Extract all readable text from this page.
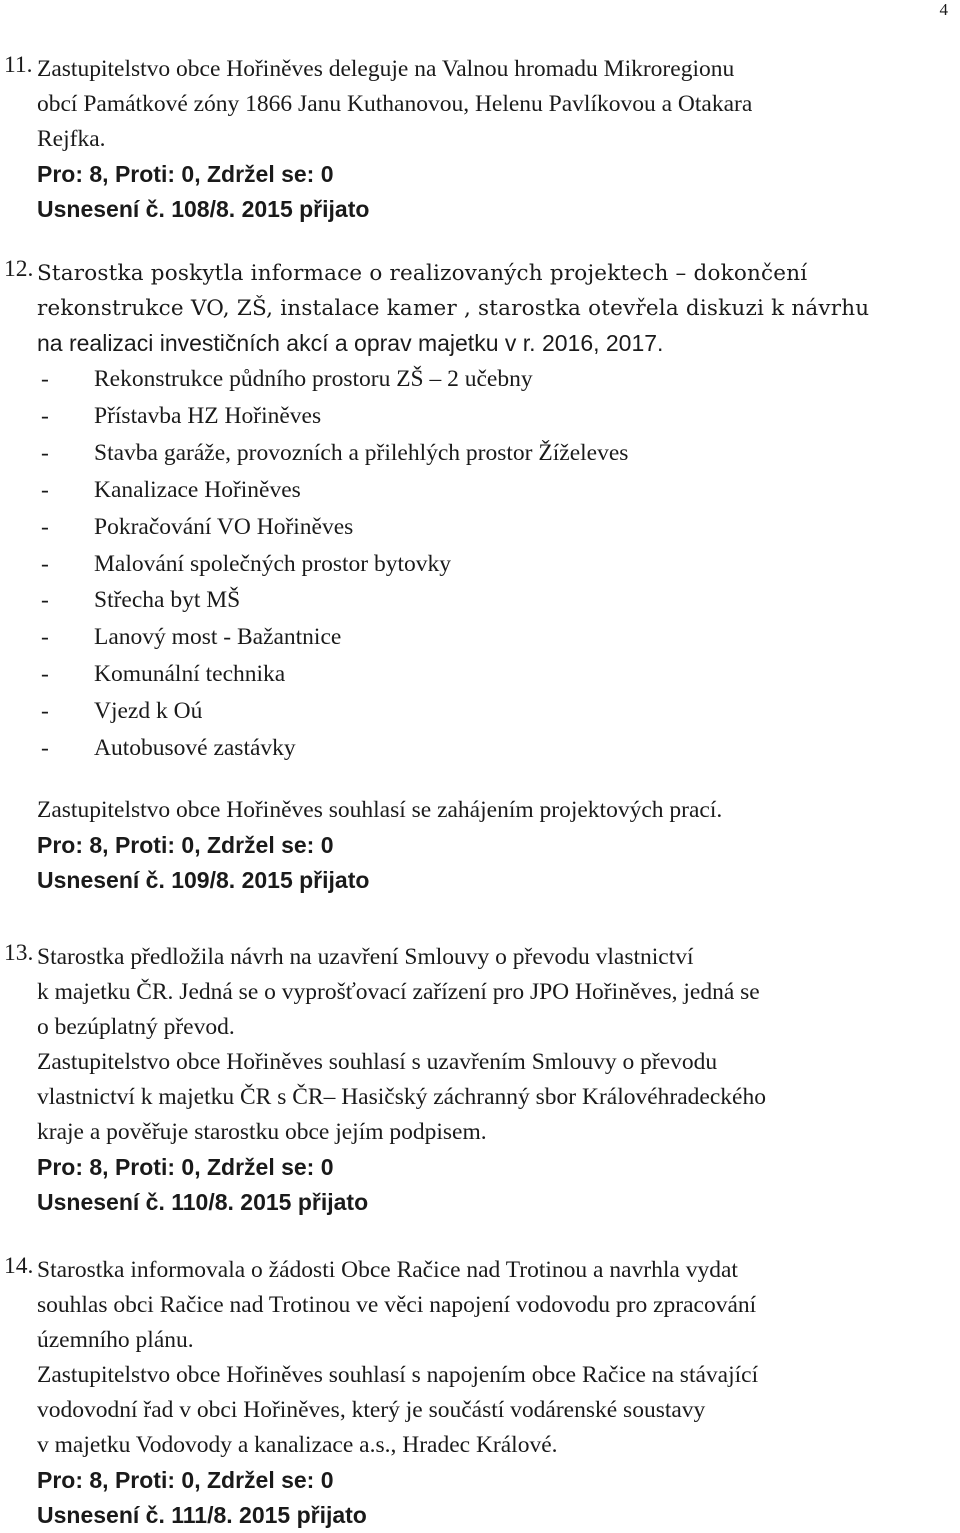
4
11. Zastupitelstvo obce Hořiněves deleguje na Valnou hromadu Mikroregionu
obcí Památkové zóny 1866 Janu Kuthanovou, Helenu Pavlíkovou a Otakara
Rejfka.
Pro: 8, Proti: 0, Zdržel se: 0
Usnesení č. 108/8. 2015 přijato
12. Starostka poskytla informace o realizovaných projektech – dokončení
rekonstrukce VO, ZŠ, instalace kamer , starostka otevřela diskuzi k návrhu
na realizaci investičních akcí a oprav majetku v r. 2016, 2017.
-	Rekonstrukce půdního prostoru ZŠ – 2 učebny
-	Přístavba HZ Hořiněves
-	Stavba garáže, provozních a přilehlých prostor Žíželeves
-	Kanalizace Hořiněves
-	Pokračování VO Hořiněves
-	Malování společných prostor bytovky
-	Střecha byt MŠ
-	Lanový most - Bažantnice
-	Komunální technika
-	Vjezd k Oú
-	Autobusové zastávky
Zastupitelstvo obce Hořiněves souhlasí se zahájením projektových prací.
Pro: 8, Proti: 0, Zdržel se: 0
Usnesení č. 109/8. 2015 přijato
13. Starostka předložila návrh na uzavření Smlouvy o převodu vlastnictví
k majetku ČR. Jedná se o vyprošťovací zařízení pro JPO Hořiněves, jedná se
o bezúplatný převod.
Zastupitelstvo obce Hořiněves souhlasí s uzavřením Smlouvy o převodu
vlastnictví k majetku ČR s ČR– Hasičský záchranný sbor Královéhradeckého
kraje a pověřuje starostku obce jejím podpisem.
Pro: 8, Proti: 0, Zdržel se: 0
Usnesení č. 110/8. 2015 přijato
14. Starostka informovala o žádosti Obce Račice nad Trotinou a navrhla vydat
souhlas obci Račice nad Trotinou ve věci napojení vodovodu pro zpracování
územního plánu.
Zastupitelstvo obce Hořiněves souhlasí s napojením obce Račice na stávající
vodovodní řad v obci Hořiněves, který je součástí vodárenské soustavy
v majetku Vodovody a kanalizace a.s., Hradec Králové.
Pro: 8, Proti: 0, Zdržel se: 0
Usnesení č. 111/8. 2015 přijato
